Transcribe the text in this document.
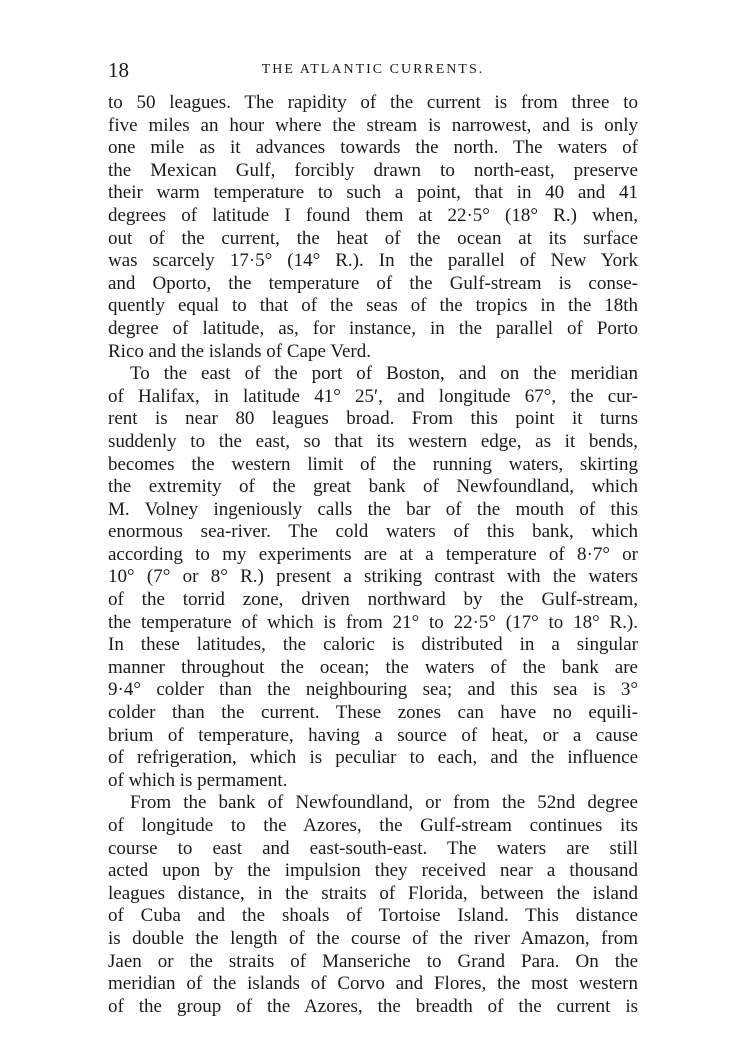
18	THE ATLANTIC CURRENTS.
to 50 leagues. The rapidity of the current is from three to
five miles an hour where the stream is narrowest, and is only
one mile as it advances towards the north. The waters of
the Mexican Gulf, forcibly drawn to north-east, preserve
their warm temperature to such a point, that in 40 and 41
degrees of latitude I found them at 22·5° (18° R.) when,
out of the current, the heat of the ocean at its surface
was scarcely 17·5° (14° R.). In the parallel of New York
and Oporto, the temperature of the Gulf-stream is conse-
quently equal to that of the seas of the tropics in the 18th
degree of latitude, as, for instance, in the parallel of Porto
Rico and the islands of Cape Verd.
To the east of the port of Boston, and on the meridian
of Halifax, in latitude 41° 25′, and longitude 67°, the cur-
rent is near 80 leagues broad. From this point it turns
suddenly to the east, so that its western edge, as it bends,
becomes the western limit of the running waters, skirting
the extremity of the great bank of Newfoundland, which
M. Volney ingeniously calls the bar of the mouth of this
enormous sea-river. The cold waters of this bank, which
according to my experiments are at a temperature of 8·7° or
10° (7° or 8° R.) present a striking contrast with the waters
of the torrid zone, driven northward by the Gulf-stream,
the temperature of which is from 21° to 22·5° (17° to 18° R.).
In these latitudes, the caloric is distributed in a singular
manner throughout the ocean; the waters of the bank are
9·4° colder than the neighbouring sea; and this sea is 3°
colder than the current. These zones can have no equili-
brium of temperature, having a source of heat, or a cause
of refrigeration, which is peculiar to each, and the influence
of which is permament.
From the bank of Newfoundland, or from the 52nd degree
of longitude to the Azores, the Gulf-stream continues its
course to east and east-south-east. The waters are still
acted upon by the impulsion they received near a thousand
leagues distance, in the straits of Florida, between the island
of Cuba and the shoals of Tortoise Island. This distance
is double the length of the course of the river Amazon, from
Jaen or the straits of Manseriche to Grand Para. On the
meridian of the islands of Corvo and Flores, the most western
of the group of the Azores, the breadth of the current is
